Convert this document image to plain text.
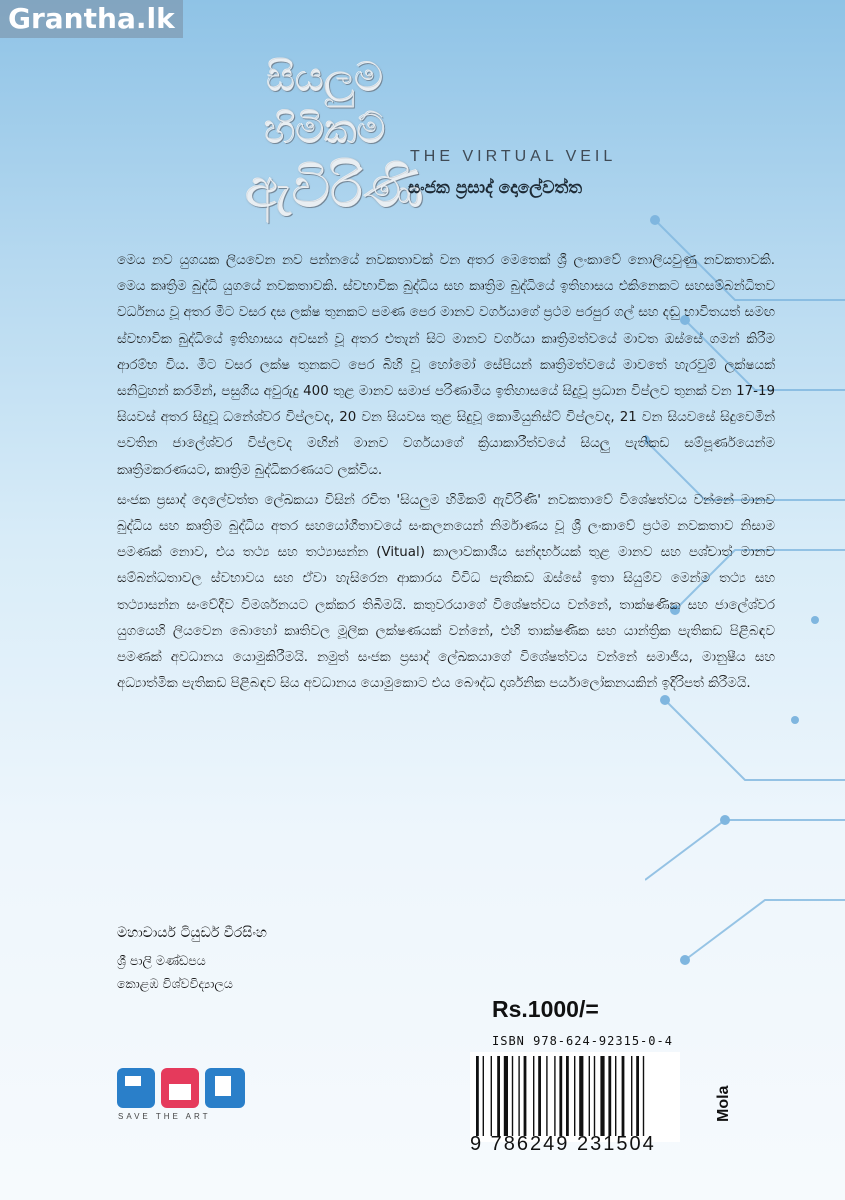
Grantha.lk
සියලුම
හිමිකම්
ඇවිරිණි
THE VIRTUAL VEIL
සංජක ප්‍රසාද් දොලේවත්ත

මෙය නව යුගයක ලියවෙන නව පන්නයේ නවකතාවක් වන අතර මෙතෙක් ශ්‍රී ලංකාවේ නොලියවුණු නවකතාවකි. මෙය කෘත්‍රිම බුද්ධි යුගයේ නවකතාවකි. ස්වභාවික බුද්ධිය සහ කෘත්‍රිම බුද්ධියේ ඉතිහාසය එකිනෙකට සහසම්බන්ධිතව වර්ධනය වූ අතර මීට වසර දස ලක්ෂ තුනකට පමණ පෙර මානව වර්ගයාගේ ප්‍රථම පරපුර ගල් සහ දඬු භාවිතයත් සමඟ ස්වභාවික බුද්ධියේ ඉතිහාසය අවසන් වූ අතර එතැන් සිට මානව වර්ගයා කෘත්‍රිමත්වයේ මාවත ඔස්සේ ගමන් කිරීම ආරම්භ විය. මීට වසර ලක්ෂ තුනකට පෙර බිහි වූ හෝමෝ සේපියන් කෘත්‍රිමත්වයේ මාවතේ හැරවුම් ලක්ෂයක් සනිටුහන් කරමින්, පසුගිය අවුරුදු 400 තුළ මානව සමාජ පරිණාමීය ඉතිහාසයේ සිදුවූ ප්‍රධාන විප්ලව තුනක් වන 17-19 සියවස් අතර සිදුවූ ධනේශ්වර විප්ලවද, 20 වන සියවස තුළ සිදුවූ කොමියුනිස්ට් විප්ලවද, 21 වන සියවසේ සිදුවෙමින් පවතින ජාලේශ්වර විප්ලවද මඟින් මානව වර්ගයාගේ ක්‍රියාකාරීත්වයේ සියලු පැතිකඩ සම්පූර්ණයෙන්ම කෘත්‍රිමකරණයට, කෘත්‍රිම බුද්ධිකරණයට ලක්විය.

සංජක ප්‍රසාද් දොලේවත්ත ලේඛකයා විසින් රචිත 'සියලුම හිමිකම් ඇවිරිණි' නවකතාවේ විශේෂත්වය වන්නේ මානව බුද්ධිය සහ කෘත්‍රිම බුද්ධිය අතර සහයෝගීතාවයේ සංකලනයෙන් නිර්මාණය වූ ශ්‍රී ලංකාවේ ප්‍රථම නවකතාව නිසාම පමණක් නොව, එය තථ්‍ය සහ තථ්‍යාසන්න (Vitual) කාලාවකාශීය සන්දර්භයක් තුළ මානව සහ පශ්චාත් මානව සම්බන්ධතාවල ස්වභාවය සහ ඒවා හැසිරෙන ආකාරය විවිධ පැතිකඩ ඔස්සේ ඉතා සියුම්ව මෙන්ම තථ්‍ය සහ තථ්‍යාසන්න සංවේදීව විමර්ශනයට ලක්කර තිබීමයි. කතුවරයාගේ විශේෂත්වය වන්නේ, තාක්ෂණික සහ ජාලේශ්වර යුගයෙහි ලියවෙන බොහෝ කෘතිවල මූලික ලක්ෂණයක් වන්නේ, එහි තාක්ෂණික සහ යාන්ත්‍රික පැතිකඩ පිළිබඳව පමණක් අවධානය යොමුකිරීමයි. නමුත් සංජක ප්‍රසාද් ලේඛකයාගේ විශේෂත්වය වන්නේ සමාජීය, මානුෂීය සහ අධ්‍යාත්මික පැතිකඩ පිළිබඳව සිය අවධානය යොමුකොට එය බෞද්ධ දාර්ශනික පර්යාලෝකනයකින් ඉදිරිපත් කිරීමයි.

මහාචාර්ය ටියුඩර් වීරසිංහ
ශ්‍රී පාලි මණ්ඩපය
කොළඹ විශ්වවිද්‍යාලය
SAVE THE ART
Rs.1000/=
ISBN 978-624-92315-0-4
9 786249 231504
Mola
